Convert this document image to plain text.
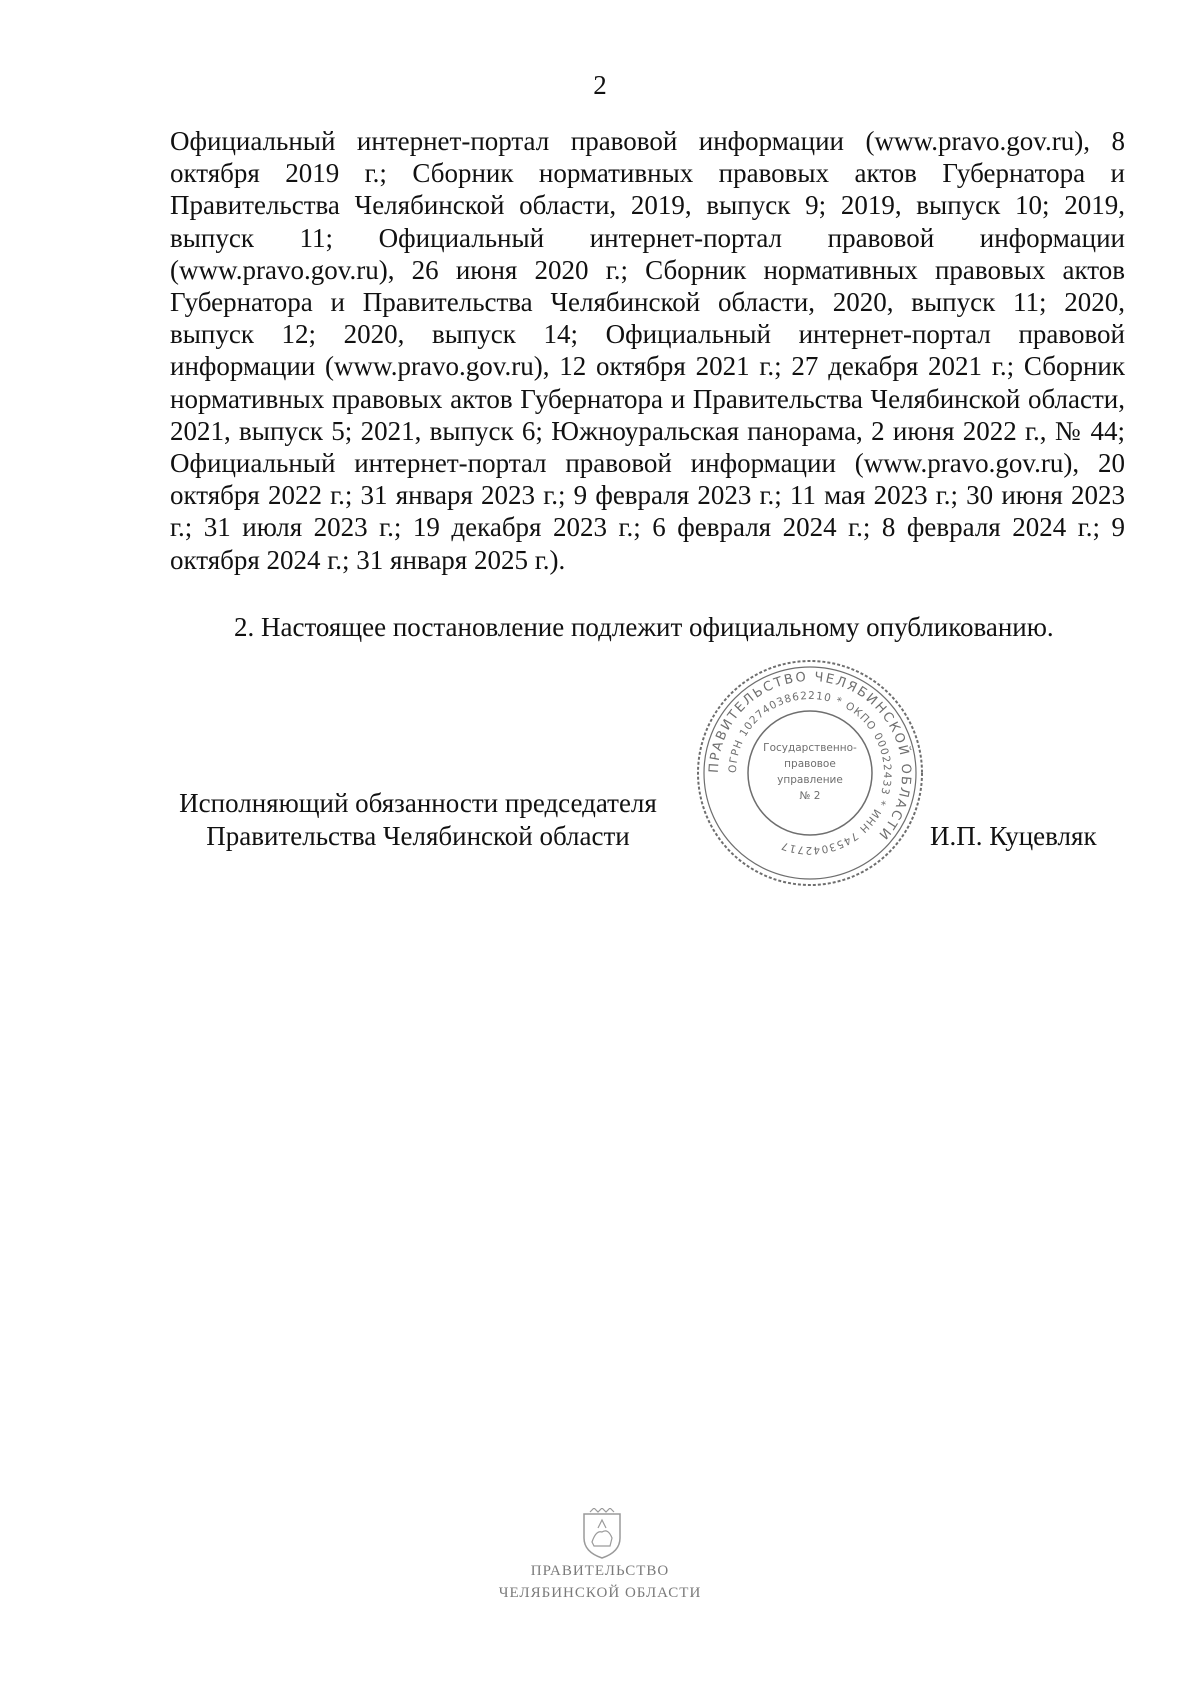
2

Официальный интернет-портал правовой информации (www.pravo.gov.ru), 8 октября 2019 г.; Сборник нормативных правовых актов Губернатора и Правительства Челябинской области, 2019, выпуск 9; 2019, выпуск 10; 2019, выпуск 11; Официальный интернет-портал правовой информации (www.pravo.gov.ru), 26 июня 2020 г.; Сборник нормативных правовых актов Губернатора и Правительства Челябинской области, 2020, выпуск 11; 2020, выпуск 12; 2020, выпуск 14; Официальный интернет-портал правовой информации (www.pravo.gov.ru), 12 октября 2021 г.; 27 декабря 2021 г.; Сборник нормативных правовых актов Губернатора и Правительства Челябинской области, 2021, выпуск 5; 2021, выпуск 6; Южноуральская панорама, 2 июня 2022 г., № 44; Официальный интернет-портал правовой информации (www.pravo.gov.ru), 20 октября 2022 г.; 31 января 2023 г.; 9 февраля 2023 г.; 11 мая 2023 г.; 30 июня 2023 г.; 31 июля 2023 г.; 19 декабря 2023 г.; 6 февраля 2024 г.; 8 февраля 2024 г.; 9 октября 2024 г.; 31 января 2025 г.).

2. Настоящее постановление подлежит официальному опубликованию.

Исполняющий обязанности председателя
Правительства Челябинской области	И.П. Куцевляк
ПРАВИТЕЛЬСТВО ЧЕЛЯБИНСКОЙ ОБЛАСТИ
ОГРН 1027403862210 * ОКПО 00022433 * ИНН 7453042717
Государственно-
правовое
управление
№ 2
ПРАВИТЕЛЬСТВО
ЧЕЛЯБИНСКОЙ ОБЛАСТИ
